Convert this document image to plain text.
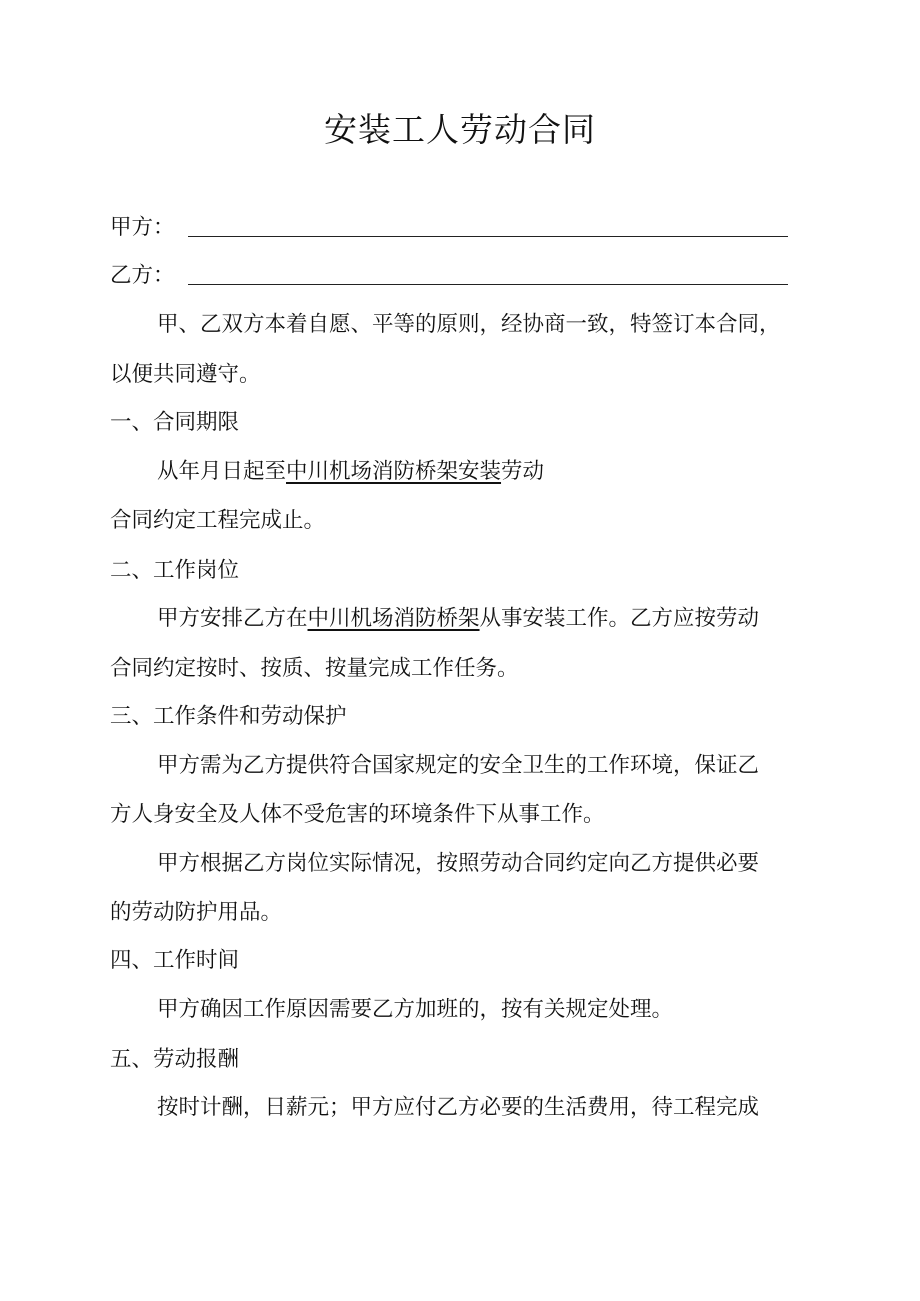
安装工人劳动合同
甲方：
乙方：
甲、乙双方本着自愿、平等的原则，经协商一致，特签订本合同，
以便共同遵守。
一、合同期限
从年月日起至中川机场消防桥架安装劳动
合同约定工程完成止。
二、工作岗位
甲方安排乙方在中川机场消防桥架从事安装工作。乙方应按劳动
合同约定按时、按质、按量完成工作任务。
三、工作条件和劳动保护
甲方需为乙方提供符合国家规定的安全卫生的工作环境，保证乙
方人身安全及人体不受危害的环境条件下从事工作。
甲方根据乙方岗位实际情况，按照劳动合同约定向乙方提供必要
的劳动防护用品。
四、工作时间
甲方确因工作原因需要乙方加班的，按有关规定处理。
五、劳动报酬
按时计酬，日薪元；甲方应付乙方必要的生活费用，待工程完成
